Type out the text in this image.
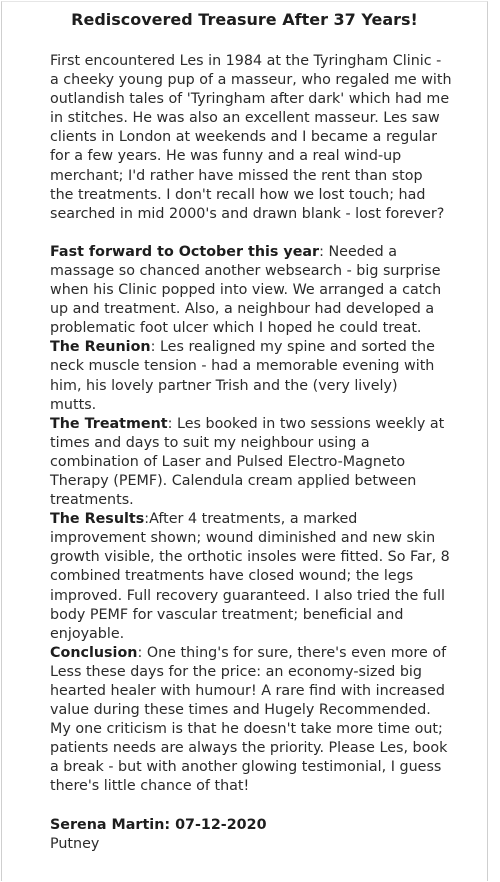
Rediscovered Treasure After 37 Years!

First encountered Les in 1984 at the Tyringham Clinic -
a cheeky young pup of a masseur, who regaled me with
outlandish tales of 'Tyringham after dark' which had me
in stitches. He was also an excellent masseur. Les saw
clients in London at weekends and I became a regular
for a few years. He was funny and a real wind-up
merchant; I'd rather have missed the rent than stop
the treatments. I don't recall how we lost touch; had
searched in mid 2000's and drawn blank - lost forever?

Fast forward to October this year: Needed a
massage so chanced another websearch - big surprise
when his Clinic popped into view. We arranged a catch
up and treatment. Also, a neighbour had developed a
problematic foot ulcer which I hoped he could treat.

The Reunion: Les realigned my spine and sorted the
neck muscle tension - had a memorable evening with
him, his lovely partner Trish and the (very lively)
mutts.

The Treatment: Les booked in two sessions weekly at
times and days to suit my neighbour using a
combination of Laser and Pulsed Electro-Magneto
Therapy (PEMF). Calendula cream applied between
treatments.

The Results:After 4 treatments, a marked
improvement shown; wound diminished and new skin
growth visible, the orthotic insoles were fitted. So Far, 8
combined treatments have closed wound; the legs
improved. Full recovery guaranteed. I also tried the full
body PEMF for vascular treatment; beneficial and
enjoyable.

Conclusion: One thing's for sure, there's even more of
Less these days for the price: an economy-sized big
hearted healer with humour! A rare find with increased
value during these times and Hugely Recommended.
My one criticism is that he doesn't take more time out;
patients needs are always the priority. Please Les, book
a break - but with another glowing testimonial, I guess
there's little chance of that!

Serena Martin: 07-12-2020
Putney
